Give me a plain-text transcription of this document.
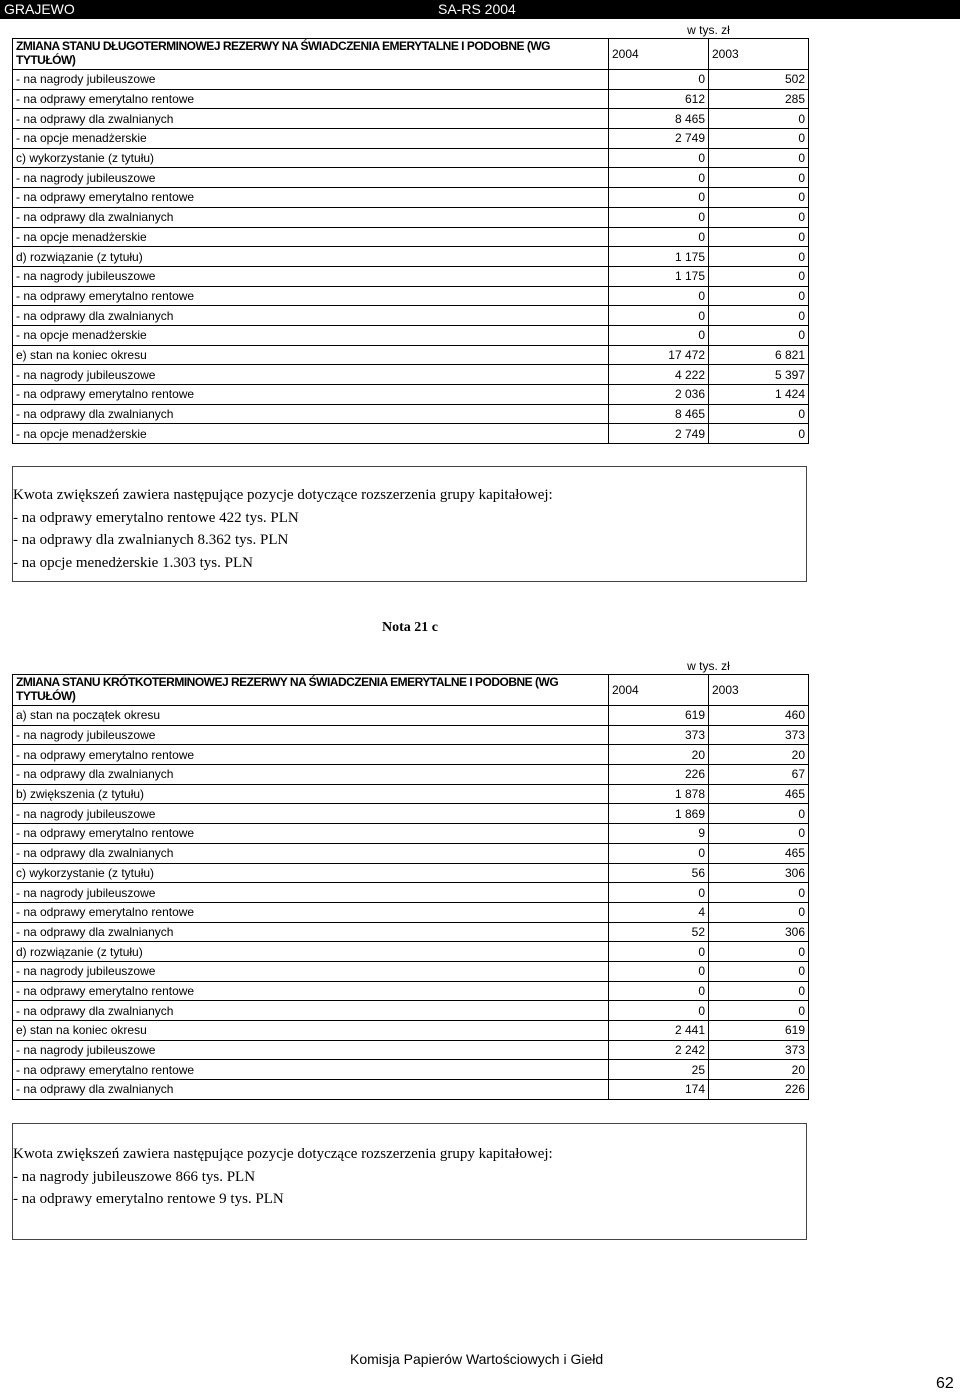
GRAJEWO	SA-RS 2004
	w tys. zł	
ZMIANA STANU DŁUGOTERMINOWEJ REZERWY NA ŚWIADCZENIA EMERYTALNE I PODOBNE (WG TYTUŁÓW)	2004	2003
- na nagrody jubileuszowe	0	502
- na odprawy emerytalno rentowe	612	285
- na odprawy dla zwalnianych	8 465	0
- na opcje menadżerskie	2 749	0
c) wykorzystanie (z tytułu)	0	0
- na nagrody jubileuszowe	0	0
- na odprawy emerytalno rentowe	0	0
- na odprawy dla zwalnianych	0	0
- na opcje menadżerskie	0	0
d) rozwiązanie (z tytułu)	1 175	0
- na nagrody jubileuszowe	1 175	0
- na odprawy emerytalno rentowe	0	0
- na odprawy dla zwalnianych	0	0
- na opcje menadżerskie	0	0
e) stan na koniec okresu	17 472	6 821
- na nagrody jubileuszowe	4 222	5 397
- na odprawy emerytalno rentowe	2 036	1 424
- na odprawy dla zwalnianych	8 465	0
- na opcje menadżerskie	2 749	0

Kwota zwiększeń zawiera następujące pozycje dotyczące rozszerzenia grupy kapitałowej:

- na odprawy emerytalno rentowe 422 tys. PLN

- na odprawy dla zwalnianych 8.362 tys. PLN

- na opcje menedżerskie 1.303 tys. PLN

Nota 21 c
	w tys. zł	
ZMIANA STANU KRÓTKOTERMINOWEJ REZERWY NA ŚWIADCZENIA EMERYTALNE I PODOBNE (WG TYTUŁÓW)	2004	2003
a) stan na początek okresu	619	460
- na nagrody jubileuszowe	373	373
- na odprawy emerytalno rentowe	20	20
- na odprawy dla zwalnianych	226	67
b) zwiększenia (z tytułu)	1 878	465
- na nagrody jubileuszowe	1 869	0
- na odprawy emerytalno rentowe	9	0
- na odprawy dla zwalnianych	0	465
c) wykorzystanie (z tytułu)	56	306
- na nagrody jubileuszowe	0	0
- na odprawy emerytalno rentowe	4	0
- na odprawy dla zwalnianych	52	306
d) rozwiązanie (z tytułu)	0	0
- na nagrody jubileuszowe	0	0
- na odprawy emerytalno rentowe	0	0
- na odprawy dla zwalnianych	0	0
e) stan na koniec okresu	2 441	619
- na nagrody jubileuszowe	2 242	373
- na odprawy emerytalno rentowe	25	20
- na odprawy dla zwalnianych	174	226

Kwota zwiększeń zawiera następujące pozycje dotyczące rozszerzenia grupy kapitałowej:

- na nagrody jubileuszowe 866 tys. PLN

- na odprawy emerytalno rentowe 9 tys. PLN

Komisja Papierów Wartościowych i Giełd
62
